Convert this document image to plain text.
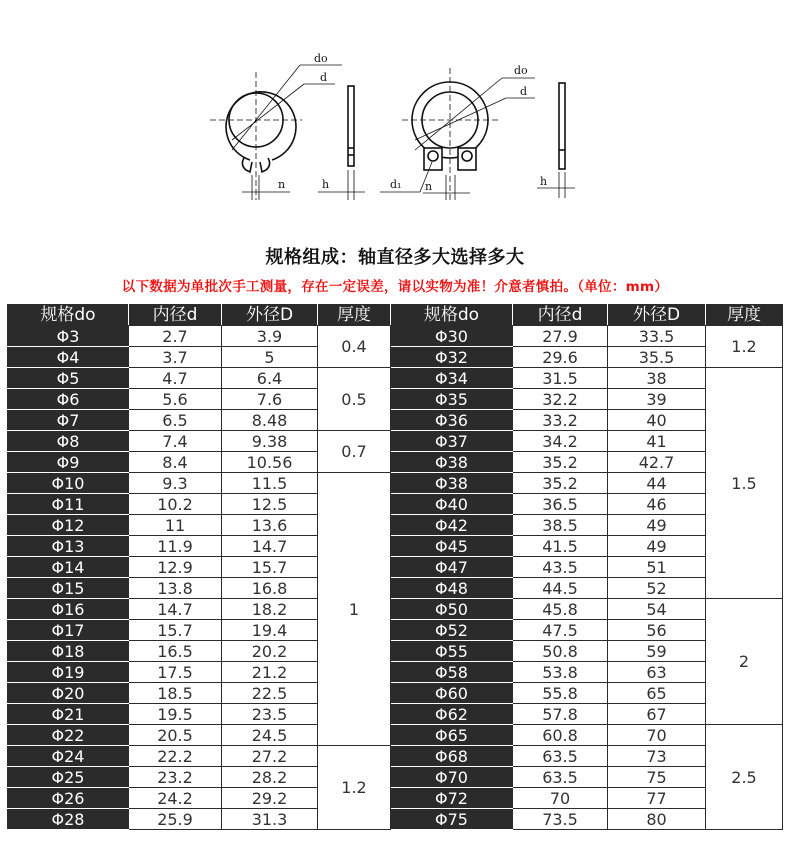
do
d
n	h
do
d
d₁ n	h
规格组成：轴直径多大选择多大
以下数据为单批次手工测量，存在一定误差，请以实物为准！介意者慎拍。（单位：mm）
规格do	内径d	外径D	厚度	规格do	内径d	外径D	厚度
Φ3	2.7	3.9	0.4	Φ30	27.9	33.5	1.2
Φ4	3.7	5		Φ32	29.6	35.5	
Φ5	4.7	6.4	0.5	Φ34	31.5	38	1.5
Φ6	5.6	7.6		Φ35	32.2	39	
Φ7	6.5	8.48		Φ36	33.2	40	
Φ8	7.4	9.38	0.7	Φ37	34.2	41	
Φ9	8.4	10.56		Φ38	35.2	42.7	
Φ10	9.3	11.5	1	Φ38	35.2	44	
Φ11	10.2	12.5		Φ40	36.5	46	
Φ12	11	13.6		Φ42	38.5	49	
Φ13	11.9	14.7		Φ45	41.5	49	
Φ14	12.9	15.7		Φ47	43.5	51	
Φ15	13.8	16.8		Φ48	44.5	52	
Φ16	14.7	18.2		Φ50	45.8	54	2
Φ17	15.7	19.4		Φ52	47.5	56	
Φ18	16.5	20.2		Φ55	50.8	59	
Φ19	17.5	21.2		Φ58	53.8	63	
Φ20	18.5	22.5		Φ60	55.8	65	
Φ21	19.5	23.5		Φ62	57.8	67	
Φ22	20.5	24.5		Φ65	60.8	70	2.5
Φ24	22.2	27.2	1.2	Φ68	63.5	73	
Φ25	23.2	28.2		Φ70	63.5	75	
Φ26	24.2	29.2		Φ72	70	77	
Φ28	25.9	31.3		Φ75	73.5	80	
